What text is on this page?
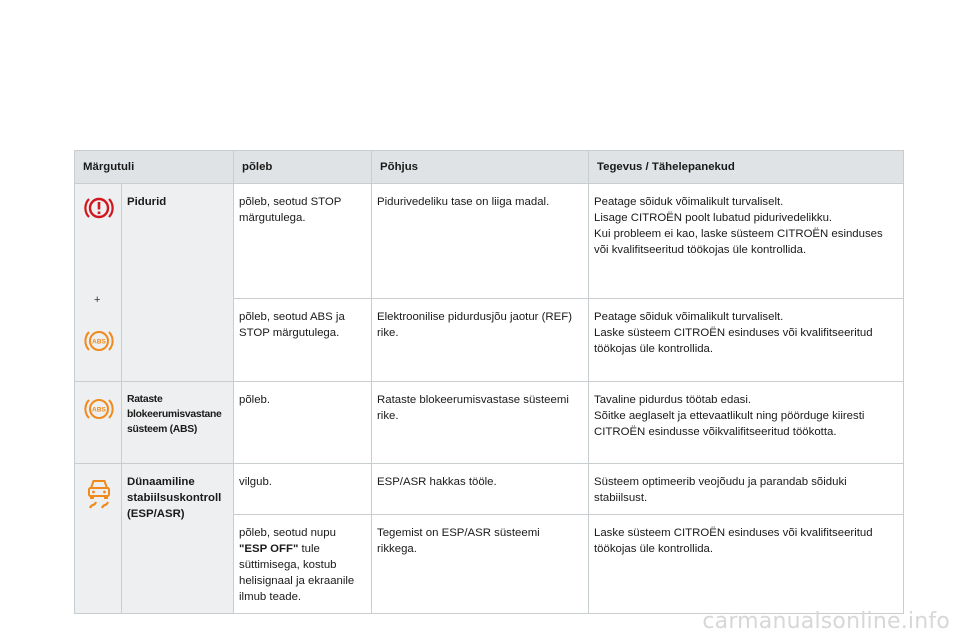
Märgutuli		põleb	Põhjus	Tegevus / Tähelepanekud

+
ABS	Pidurid	põleb, seotud STOP märgutulega.	Pidurivedeliku tase on liiga madal.	Peatage sõiduk võimalikult turvaliselt.
Lisage CITROËN poolt lubatud pidurivedelikku.
Kui probleem ei kao, laske süsteem CITROËN esinduses või kvalifitseeritud töökojas üle kontrollida.

		põleb, seotud ABS ja STOP märgutulega.	Elektroonilise pidurdusjõu jaotur (REF) rike.	Peatage sõiduk võimalikult turvaliselt.
Laske süsteem CITROËN esinduses või kvalifitseeritud töökojas üle kontrollida.

ABS	Rataste blokeerumisvastane süsteem (ABS)	põleb.	Rataste blokeerumisvastase süsteemi rike.	Tavaline pidurdus töötab edasi.
Sõitke aeglaselt ja ettevaatlikult ning pöörduge kiiresti CITROËN esindusse võikvalifitseeritud töökotta.

Dünaamiline stabiilsuskontroll (ESP/ASR)	vilgub.	ESP/ASR hakkas tööle.	Süsteem optimeerib veojõudu ja parandab sõiduki stabiilsust.

		põleb, seotud nupu "ESP OFF" tule süttimisega, kostub helisignaal ja ekraanile ilmub teade.	Tegemist on ESP/ASR süsteemi rikkega.	Laske süsteem CITROËN esinduses või kvalifitseeritud töökojas üle kontrollida.
carmanualsonline.info
